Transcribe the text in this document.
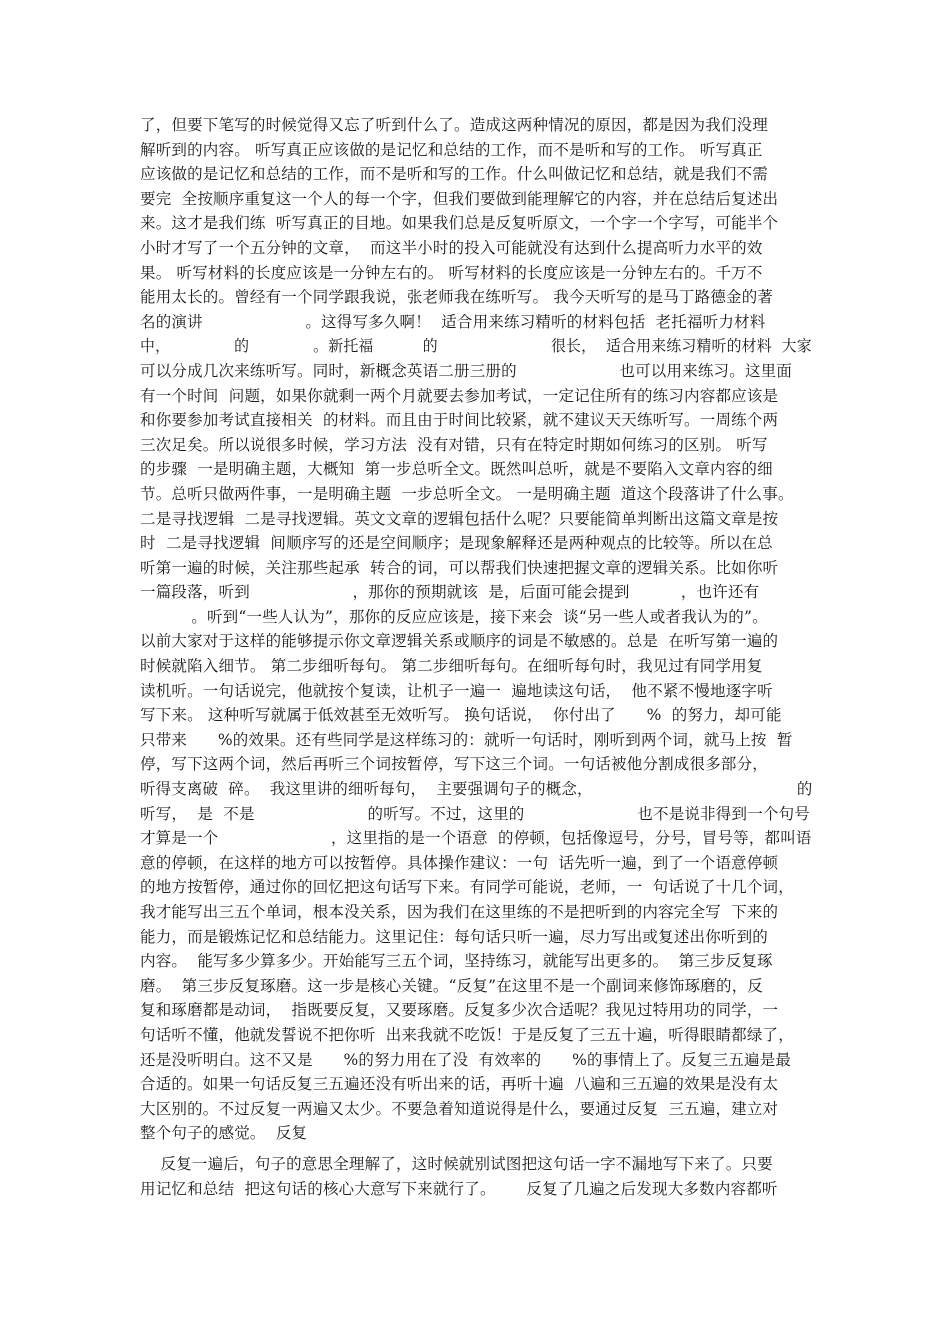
了，但要下笔写的时候觉得又忘了听到什么了。造成这两种情况的原因，都是因为我们没理
解听到的内容。 听写真正应该做的是记忆和总结的工作，而不是听和写的工作。 听写真正
应该做的是记忆和总结的工作，而不是听和写的工作。什么叫做记忆和总结，就是我们不需
要完  全按顺序重复这一个人的每一个字，但我们要做到能理解它的内容，并在总结后复述出
来。这才是我们练  听写真正的目地。如果我们总是反复听原文，一个字一个字写，可能半个
小时才写了一个五分钟的文章，  而这半小时的投入可能就没有达到什么提高听力水平的效
果。 听写材料的长度应该是一分钟左右的。 听写材料的长度应该是一分钟左右的。千万不
能用太长的。曾经有一个同学跟我说，张老师我在练听写。 我今天听写的是马丁路德金的著
名的演讲                    。这得写多久啊！  适合用来练习精听的材料包括  老托福听力材料
中，             的             。新托福          的                       很长，  适合用来练习精听的材料  大家
可以分成几次来练听写。同时，新概念英语二册三册的                    也可以用来练习。这里面
有一个时间  问题，如果你就剩一两个月就要去参加考试，一定记住所有的练习内容都应该是
和你要参加考试直接相关  的材料。而且由于时间比较紧，就不建议天天练听写。一周练个两
三次足矣。所以说很多时候，学习方法  没有对错，只有在特定时期如何练习的区别。 听写
的步骤  一是明确主题，大概知  第一步总听全文。既然叫总听，就是不要陷入文章内容的细
节。总听只做两件事，一是明确主题  一步总听全文。 一是明确主题  道这个段落讲了什么事。
二是寻找逻辑  二是寻找逻辑。英文文章的逻辑包括什么呢？只要能简单判断出这篇文章是按
时  二是寻找逻辑  间顺序写的还是空间顺序；是现象解释还是两种观点的比较等。所以在总
听第一遍的时候，关注那些起承  转合的词，可以帮我们快速把握文章的逻辑关系。比如你听
一篇段落，听到                    ，那你的预期就该  是，后面可能会提到          ，也许还有
。听到“一些人认为”，那你的反应应该是，接下来会  谈“另一些人或者我认为的”。
以前大家对于这样的能够提示你文章逻辑关系或顺序的词是不敏感的。总是  在听写第一遍的
时候就陷入细节。 第二步细听每句。 第二步细听每句。在细听每句时，我见过有同学用复
读机听。一句话说完，他就按个复读，让机子一遍一  遍地读这句话，  他不紧不慢地逐字听
写下来。 这种听写就属于低效甚至无效听写。 换句话说，  你付出了      %  的努力，却可能
只带来      %的效果。还有些同学是这样练习的：就听一句话时，刚听到两个词，就马上按  暂
停，写下这两个词，然后再听三个词按暂停，写下这三个词。一句话被他分割成很多部分，
听得支离破  碎。  我这里讲的细听每句，  主要强调句子的概念，                                        的
听写，  是  不是                      的听写。不过，这里的                      也不是说非得到一个句号
才算是一个                      ，这里指的是一个语意  的停顿，包括像逗号，分号，冒号等，都叫语
意的停顿，在这样的地方可以按暂停。具体操作建议：一句  话先听一遍，到了一个语意停顿
的地方按暂停，通过你的回忆把这句话写下来。有同学可能说，老师，一  句话说了十几个词，
我才能写出三五个单词，根本没关系，因为我们在这里练的不是把听到的内容完全写  下来的
能力，而是锻炼记忆和总结能力。这里记住：每句话只听一遍，尽力写出或复述出你听到的
内容。  能写多少算多少。开始能写三五个词，坚持练习，就能写出更多的。  第三步反复琢
磨。  第三步反复琢磨。这一步是核心关键。“反复”在这里不是一个副词来修饰琢磨的，反
复和琢磨都是动词，  指既要反复，又要琢磨。反复多少次合适呢？我见过特用功的同学，一
句话听不懂，他就发誓说不把你听  出来我就不吃饭！于是反复了三五十遍，听得眼睛都绿了，
还是没听明白。这不又是      %的努力用在了没  有效率的      %的事情上了。反复三五遍是最
合适的。如果一句话反复三五遍还没有听出来的话，再听十遍  八遍和三五遍的效果是没有太
大区别的。不过反复一两遍又太少。不要急着知道说得是什么，要通过反复  三五遍，建立对
整个句子的感觉。  反复
反复一遍后，句子的意思全理解了，这时候就别试图把这句话一字不漏地写下来了。只要
用记忆和总结  把这句话的核心大意写下来就行了。      反复了几遍之后发现大多数内容都听
